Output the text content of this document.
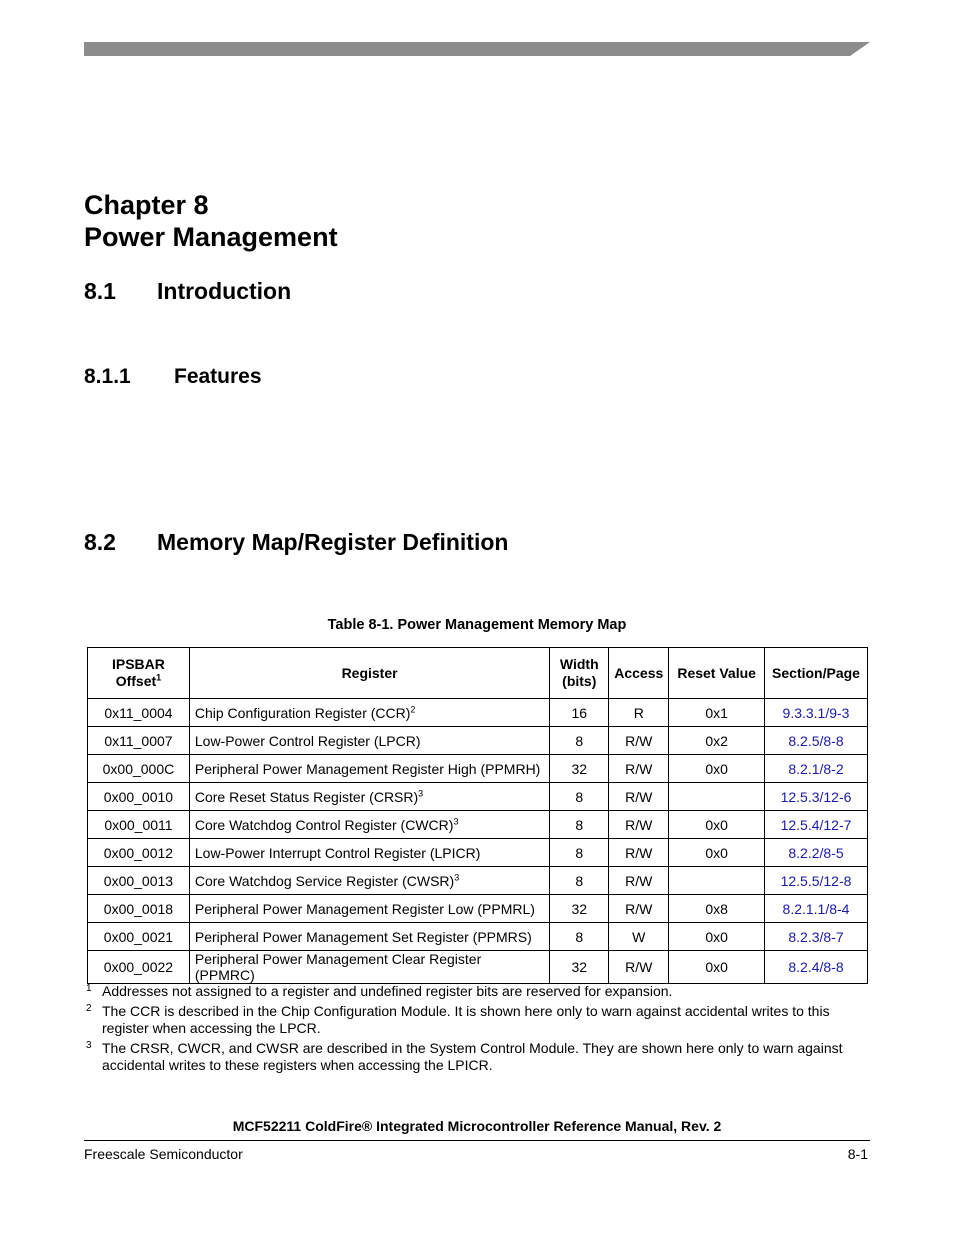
Chapter 8
Power Management
8.1 Introduction
8.1.1 Features
8.2 Memory Map/Register Definition
Table 8-1. Power Management Memory Map
IPSBAR
Offset$^1$	Register	Width
(bits)	Access	Reset Value	Section/Page
0x11_0004	Chip Configuration Register (CCR)$^2$	16	R	0x1	9.3.3.1/9-3
0x11_0007	Low-Power Control Register (LPCR)	8	R/W	0x2	8.2.5/8-8
0x00_000C	Peripheral Power Management Register High (PPMRH)	32	R/W	0x0	8.2.1/8-2
0x00_0010	Core Reset Status Register (CRSR)$^3$	8	R/W		12.5.3/12-6
0x00_0011	Core Watchdog Control Register (CWCR)$^3$	8	R/W	0x0	12.5.4/12-7
0x00_0012	Low-Power Interrupt Control Register (LPICR)	8	R/W	0x0	8.2.2/8-5
0x00_0013	Core Watchdog Service Register (CWSR)$^3$	8	R/W		12.5.5/12-8
0x00_0018	Peripheral Power Management Register Low (PPMRL)	32	R/W	0x8	8.2.1.1/8-4
0x00_0021	Peripheral Power Management Set Register (PPMRS)	8	W	0x0	8.2.3/8-7
0x00_0022	Peripheral Power Management Clear Register (PPMRC)	32	R/W	0x0	8.2.4/8-8
1 Addresses not assigned to a register and undefined register bits are reserved for expansion.
2 The CCR is described in the Chip Configuration Module. It is shown here only to warn against accidental writes to this register when accessing the LPCR.
3 The CRSR, CWCR, and CWSR are described in the System Control Module. They are shown here only to warn against accidental writes to these registers when accessing the LPICR.
MCF52211 ColdFire® Integrated Microcontroller Reference Manual, Rev. 2
Freescale Semiconductor	8-1
